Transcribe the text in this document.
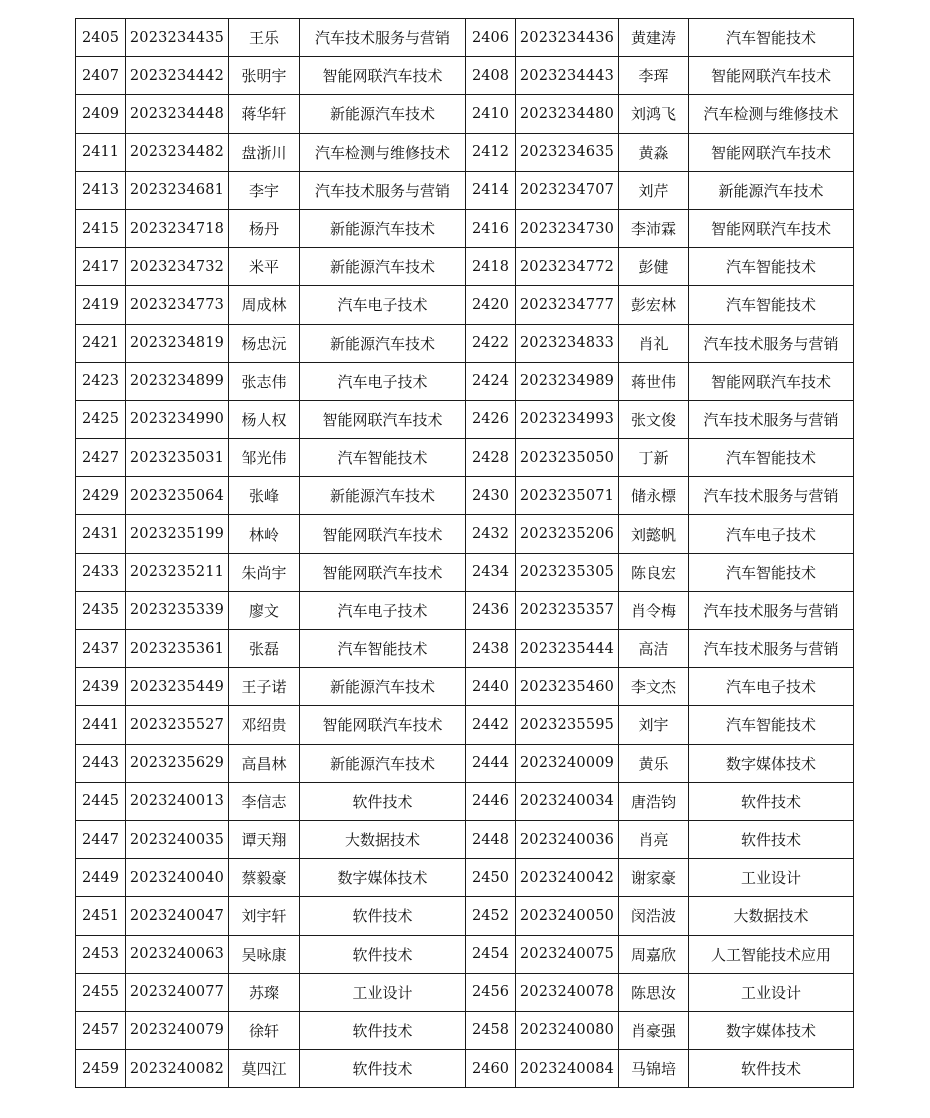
2405	2023234435	王乐	汽车技术服务与营销	2406	2023234436	黄建涛	汽车智能技术
2407	2023234442	张明宇	智能网联汽车技术	2408	2023234443	李珲	智能网联汽车技术
2409	2023234448	蒋华轩	新能源汽车技术	2410	2023234480	刘鸿飞	汽车检测与维修技术
2411	2023234482	盘浙川	汽车检测与维修技术	2412	2023234635	黄淼	智能网联汽车技术
2413	2023234681	李宇	汽车技术服务与营销	2414	2023234707	刘芹	新能源汽车技术
2415	2023234718	杨丹	新能源汽车技术	2416	2023234730	李沛霖	智能网联汽车技术
2417	2023234732	米平	新能源汽车技术	2418	2023234772	彭健	汽车智能技术
2419	2023234773	周成林	汽车电子技术	2420	2023234777	彭宏林	汽车智能技术
2421	2023234819	杨忠沅	新能源汽车技术	2422	2023234833	肖礼	汽车技术服务与营销
2423	2023234899	张志伟	汽车电子技术	2424	2023234989	蒋世伟	智能网联汽车技术
2425	2023234990	杨人权	智能网联汽车技术	2426	2023234993	张文俊	汽车技术服务与营销
2427	2023235031	邹光伟	汽车智能技术	2428	2023235050	丁新	汽车智能技术
2429	2023235064	张峰	新能源汽车技术	2430	2023235071	储永標	汽车技术服务与营销
2431	2023235199	林岭	智能网联汽车技术	2432	2023235206	刘懿帆	汽车电子技术
2433	2023235211	朱尚宇	智能网联汽车技术	2434	2023235305	陈良宏	汽车智能技术
2435	2023235339	廖文	汽车电子技术	2436	2023235357	肖令梅	汽车技术服务与营销
2437	2023235361	张磊	汽车智能技术	2438	2023235444	高洁	汽车技术服务与营销
2439	2023235449	王子诺	新能源汽车技术	2440	2023235460	李文杰	汽车电子技术
2441	2023235527	邓绍贵	智能网联汽车技术	2442	2023235595	刘宇	汽车智能技术
2443	2023235629	高昌林	新能源汽车技术	2444	2023240009	黄乐	数字媒体技术
2445	2023240013	李信志	软件技术	2446	2023240034	唐浩钧	软件技术
2447	2023240035	谭天翔	大数据技术	2448	2023240036	肖亮	软件技术
2449	2023240040	蔡毅豪	数字媒体技术	2450	2023240042	谢家豪	工业设计
2451	2023240047	刘宇轩	软件技术	2452	2023240050	闵浩波	大数据技术
2453	2023240063	吴咏康	软件技术	2454	2023240075	周嘉欣	人工智能技术应用
2455	2023240077	苏璨	工业设计	2456	2023240078	陈思汝	工业设计
2457	2023240079	徐轩	软件技术	2458	2023240080	肖豪强	数字媒体技术
2459	2023240082	莫四江	软件技术	2460	2023240084	马锦培	软件技术
